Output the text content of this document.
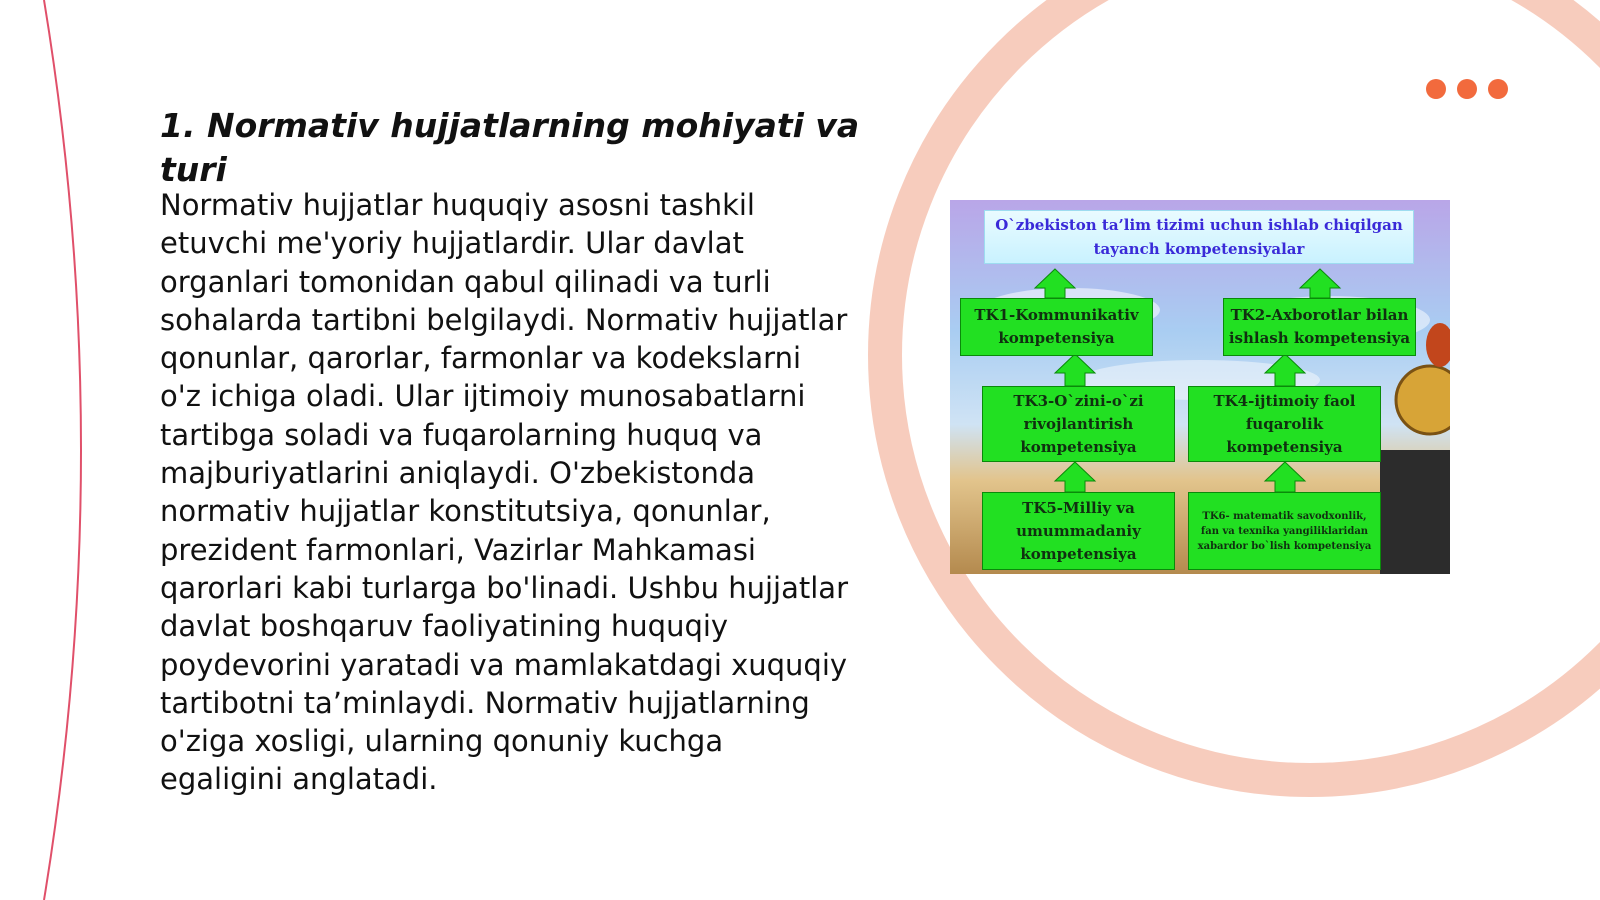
1. Normativ hujjatlarning mohiyati va turi

Normativ hujjatlar huquqiy asosni tashkil etuvchi me'yoriy hujjatlardir. Ular davlat organlari tomonidan qabul qilinadi va turli sohalarda tartibni belgilaydi. Normativ hujjatlar qonunlar, qarorlar, farmonlar va kodekslarni o'z ichiga oladi. Ular ijtimoiy munosabatlarni tartibga soladi va fuqarolarning huquq va majburiyatlarini aniqlaydi. O'zbekistonda normativ hujjatlar konstitutsiya, qonunlar, prezident farmonlari, Vazirlar Mahkamasi qarorlari kabi turlarga bo'linadi. Ushbu hujjatlar davlat boshqaruv faoliyatining huquqiy poydevorini yaratadi va mamlakatdagi xuquqiy tartibotni ta’minlaydi. Normativ hujjatlarning o'ziga xosligi, ularning qonuniy kuchga egaligini anglatadi.

O`zbekiston ta’lim tizimi uchun ishlab chiqilgan tayanch kompetensiyalar
TK1-Kommunikativ kompetensiya
TK2-Axborotlar bilan ishlash kompetensiya
TK3-O`zini-o`zi rivojlantirish kompetensiya
TK4-ijtimoiy faol fuqarolik kompetensiya
TK5-Milliy va umummadaniy kompetensiya
TK6- matematik savodxonlik, fan va texnika yangiliklaridan xabardor bo`lish kompetensiya
